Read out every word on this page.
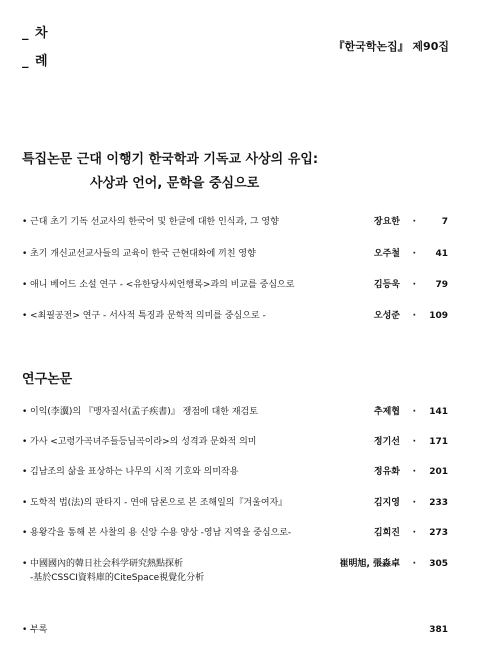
_ 차
_ 례
『한국학논집』 제90집
특집논문 근대 이행기 한국학과 기독교 사상의 유입:
사상과 언어, 문학을 중심으로
• 근대 초기 기독 선교사의 한국어 및 한글에 대한 인식과, 그 영향	장요한 ·	7
• 초기 개신교선교사들의 교육이 한국 근현대화에 끼친 영향	오주철 ·	41
• 애니 베어드 소설 연구 - <유한당사씨언행록>과의 비교를 중심으로	김등욱 ·	79
• <최필공전> 연구 - 서사적 특징과 문학적 의미를 중심으로 -	오성준 ·	109
연구논문
• 이익(李瀷)의 『맹자질서(孟子疾書)』 쟁점에 대한 재검토	추제협 ·	141
• 가사 <고령가곡녀주들등님곡이라>의 성격과 문화적 의미	정기선 ·	171
• 김남조의 삶을 표상하는 나무의 시적 기호와 의미작용	정유화 ·	201
• 도학적 법(法)의 판타지 - 연애 담론으로 본 조해일의『겨울여자』	김지영 ·	233
• 용왕각을 통해 본 사찰의 용 신앙 수용 양상 -영남 지역을 중심으로-	김희진 ·	273
• 中國國內的韓日社会科学研究熱點探析
-基於CSSCI資料庫的CiteSpace視覺化分析
崔明旭, 張淼卓 ·	305
• 부록	381
